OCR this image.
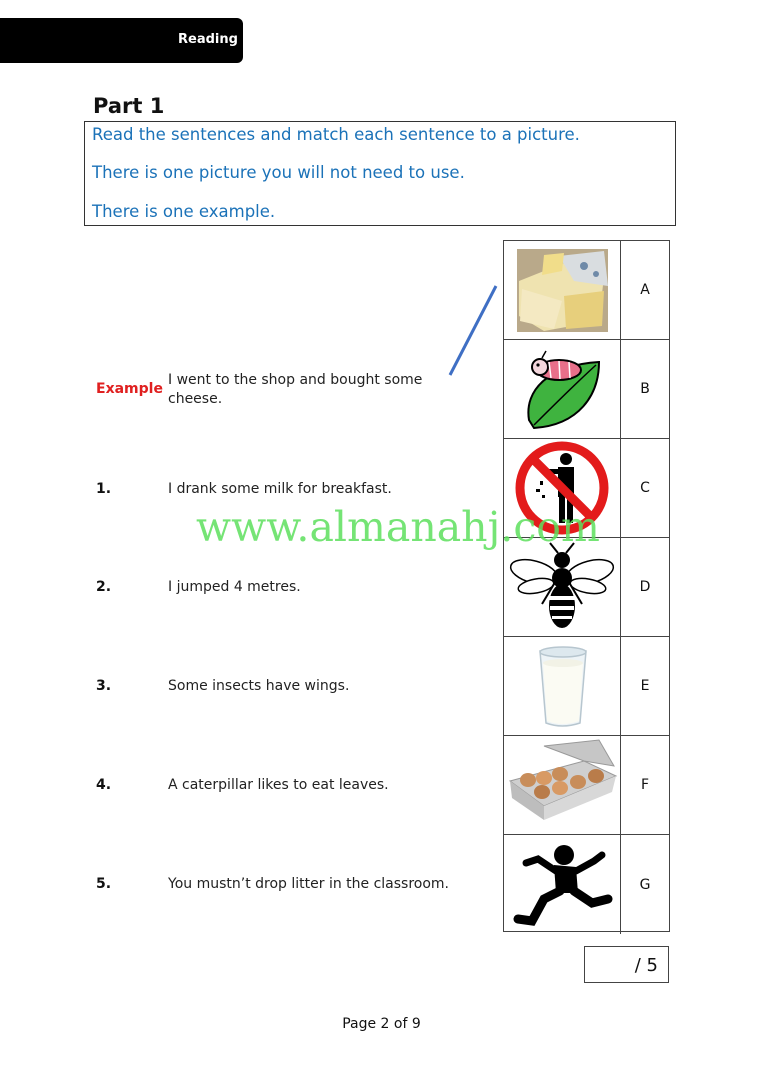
Reading
Part 1

Read the sentences and match each sentence to a picture.

There is one picture you will not need to use.

There is one example.

Example
I went to the shop and bought some
cheese.
1.	I drank some milk for breakfast.
2.	I jumped 4 metres.
3.	Some insects have wings.
4.	A caterpillar likes to eat leaves.
5.	You mustn’t drop litter in the classroom.
A
B
C
D
E
F
G
www.almanahj.com
/ 5
Page 2 of 9
